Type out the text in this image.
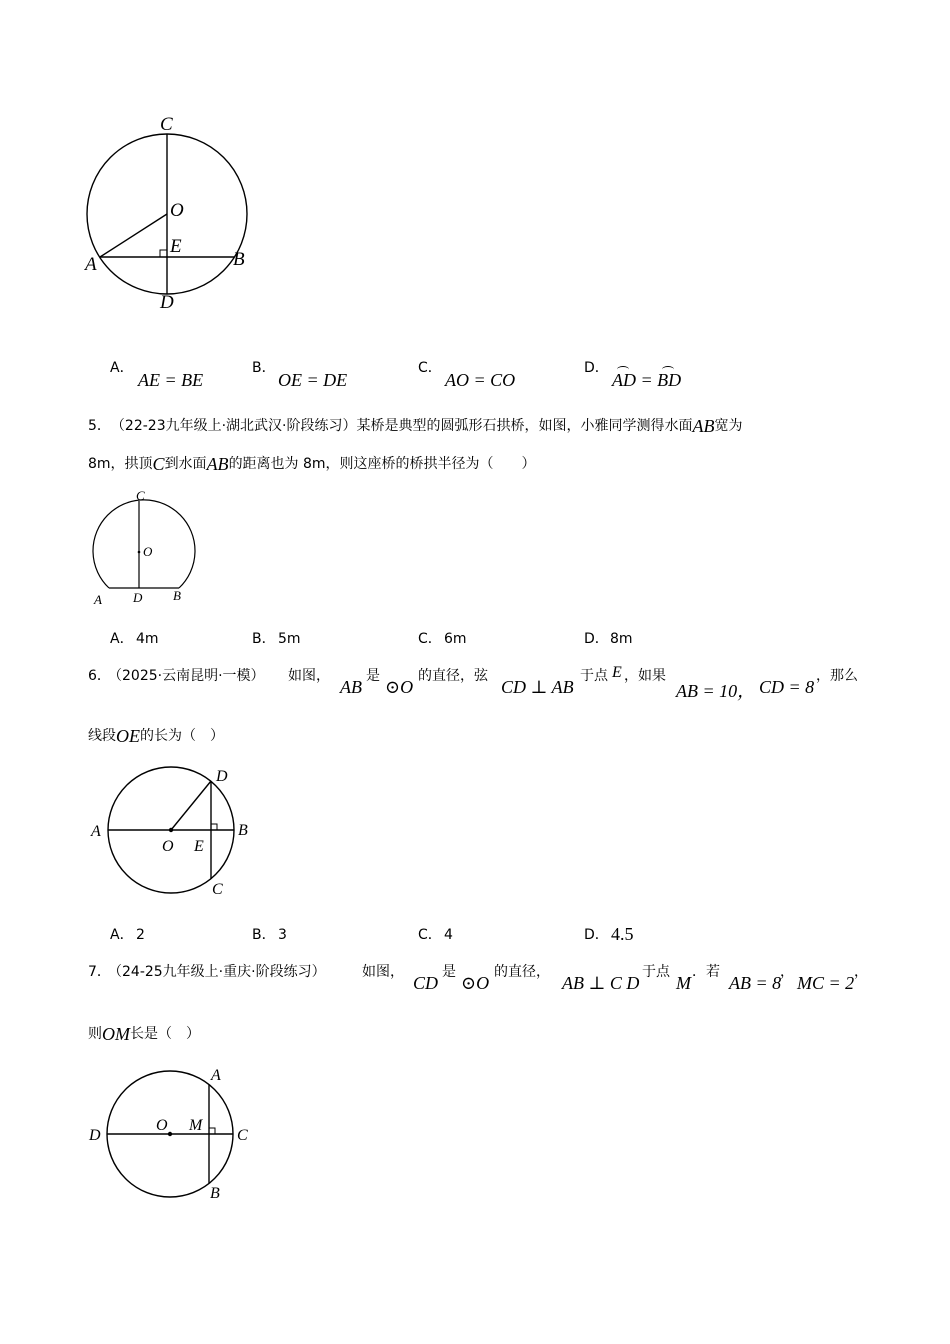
C
O
E
A	B
D
A．
AE = BE
B．
OE = DE
C．
AO = CO
D．
AD = BD
5． （22-23九年级上·湖北武汉·阶段练习） 某桥是典型的圆弧形石拱桥，如图，小雅同学测得水面 AB 宽为
8m，拱顶 C 到水面 AB 的距离也为 8m，则这座桥的桥拱半径为（　　）
C
O
A D B
A． 4m	B． 5m	C． 6m	D． 8m
6．
（2025·云南昆明·一模） 如图，
AB
是
⊙O
的直径，弦
CD ⊥ AB
于点 E ，如果
AB = 10， CD = 8
，那么
线段 OE 的长为（　）
D
A	B
O E
C
A． 2	B． 3	C． 4	D． 4.5
7．
（24-25九年级上·重庆·阶段练习）	如图，
CD
是
⊙O
的直径，
AB ⊥ C D
于点
M
．若
AB = 8
，
MC = 2
，
则 OM 长是（　）
A
D
O M
C
B
